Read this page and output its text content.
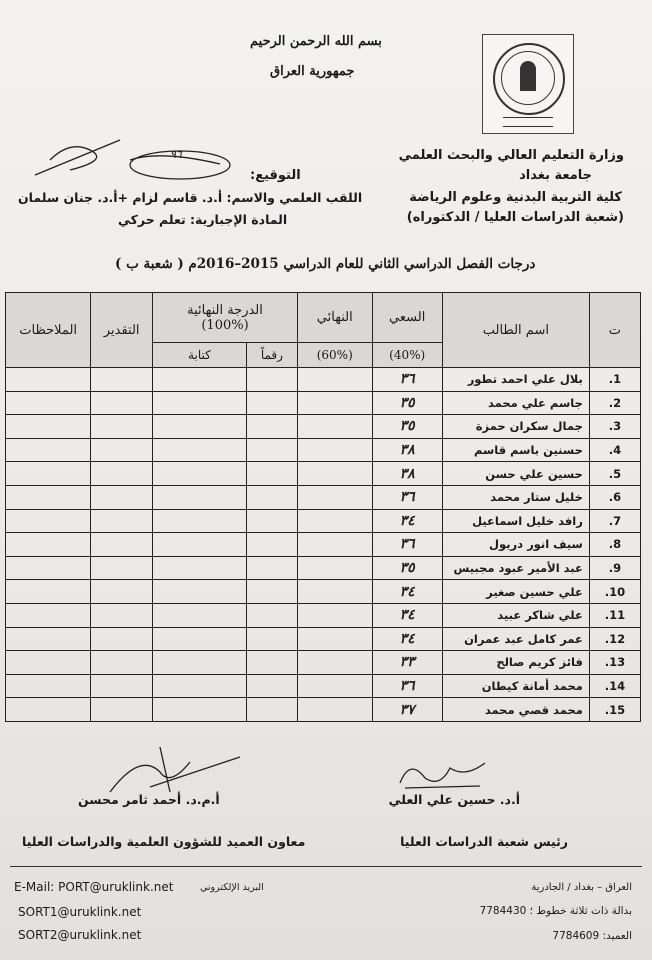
بسم الله الرحمن الرحيم
جمهورية العراق
وزارة التعليم العالي والبحث العلمي
جامعة بغداد
كلية التربية البدنية وعلوم الرياضة
(شعبة الدراسات العليا / الدكتوراه)
التوقيع:
اللقب العلمي والاسم: أ.د. قاسم لزام +أ.د. جنان سلمان
المادة الإجبارية: تعلم حركي
٩٦
درجات الفصل الدراسي الثاني للعام الدراسي 2015–2016م ( شعبة ب )
ت	اسم الطالب	السعي	النهائي	الدرجة النهائية
(100%)		التقدير	الملاحظات
		(40%)	(60%)	رقماً	كتابة		
1.	بلال علي احمد تطور	٣٦					
2.	جاسم علي محمد	٣٥					
3.	جمال سكران حمزة	٣٥					
4.	حسنين باسم قاسم	٣٨					
5.	حسين علي حسن	٣٨					
6.	خليل ستار محمد	٣٦					
7.	رافد خليل اسماعيل	٣٤					
8.	سيف انور دريول	٣٦					
9.	عبد الأمير عبود مجبيس	٣٥					
10.	علي حسين صغير	٣٤					
11.	علي شاكر عبيد	٣٤					
12.	عمر كامل عبد عمران	٣٤					
13.	فائز كريم صالح	٣٣					
14.	محمد أمانة كيطان	٣٦					
15.	محمد قصي محمد	٣٧					
أ.م.د. أحمد ثامر محسن	أ.د. حسين علي العلي
معاون العميد للشؤون العلمية والدراسات العليا	رئيس شعبة الدراسات العليا
E-Mail: PORT@uruklink.net	البريد الإلكتروني
SORT1@uruklink.net
SORT2@uruklink.net
العراق – بغداد / الجادرية
بدالة ذات ثلاثة خطوط ؛ 7784430
العميد: 7784609
